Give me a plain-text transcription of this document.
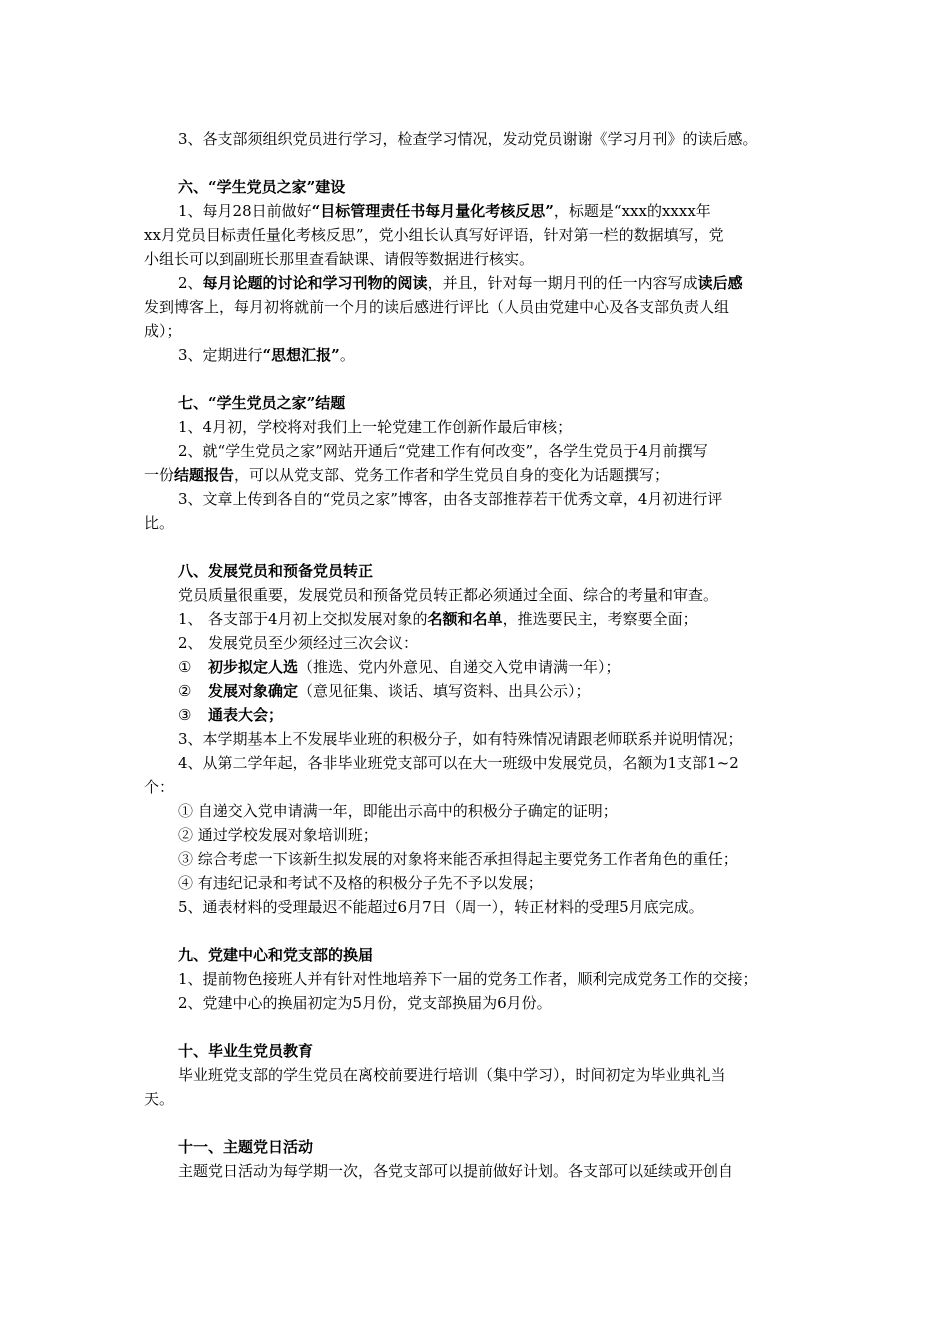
3、各支部须组织党员进行学习，检查学习情况，发动党员谢谢《学习月刊》的读后感。

六、“学生党员之家”建设

1、每月28日前做好“目标管理责任书每月量化考核反思”，标题是“xxx的xxxx年

xx月党员目标责任量化考核反思”，党小组长认真写好评语，针对第一栏的数据填写，党

小组长可以到副班长那里查看缺课、请假等数据进行核实。

2、每月论题的讨论和学习刊物的阅读，并且，针对每一期月刊的任一内容写成读后感

发到博客上，每月初将就前一个月的读后感进行评比（人员由党建中心及各支部负责人组

成）；

3、定期进行“思想汇报”。

七、“学生党员之家”结题

1、4月初，学校将对我们上一轮党建工作创新作最后审核；

2、就“学生党员之家”网站开通后“党建工作有何改变”，各学生党员于4月前撰写

一份结题报告，可以从党支部、党务工作者和学生党员自身的变化为话题撰写；

3、文章上传到各自的“党员之家”博客，由各支部推荐若干优秀文章，4月初进行评

比。

八、发展党员和预备党员转正

党员质量很重要，发展党员和预备党员转正都必须通过全面、综合的考量和审查。

1、 各支部于4月初上交拟发展对象的名额和名单，推选要民主，考察要全面；

2、 发展党员至少须经过三次会议：

① 初步拟定人选（推选、党内外意见、自递交入党申请满一年）；

② 发展对象确定（意见征集、谈话、填写资料、出具公示）；

③ 通表大会；

3、本学期基本上不发展毕业班的积极分子，如有特殊情况请跟老师联系并说明情况；

4、从第二学年起，各非毕业班党支部可以在大一班级中发展党员，名额为1支部1~2

个：

① 自递交入党申请满一年，即能出示高中的积极分子确定的证明；

② 通过学校发展对象培训班；

③ 综合考虑一下该新生拟发展的对象将来能否承担得起主要党务工作者角色的重任；

④ 有违纪记录和考试不及格的积极分子先不予以发展；

5、通表材料的受理最迟不能超过6月7日（周一），转正材料的受理5月底完成。

九、党建中心和党支部的换届

1、提前物色接班人并有针对性地培养下一届的党务工作者，顺利完成党务工作的交接；

2、党建中心的换届初定为5月份，党支部换届为6月份。

十、毕业生党员教育

毕业班党支部的学生党员在离校前要进行培训（集中学习），时间初定为毕业典礼当

天。

十一、主题党日活动

主题党日活动为每学期一次，各党支部可以提前做好计划。各支部可以延续或开创自
